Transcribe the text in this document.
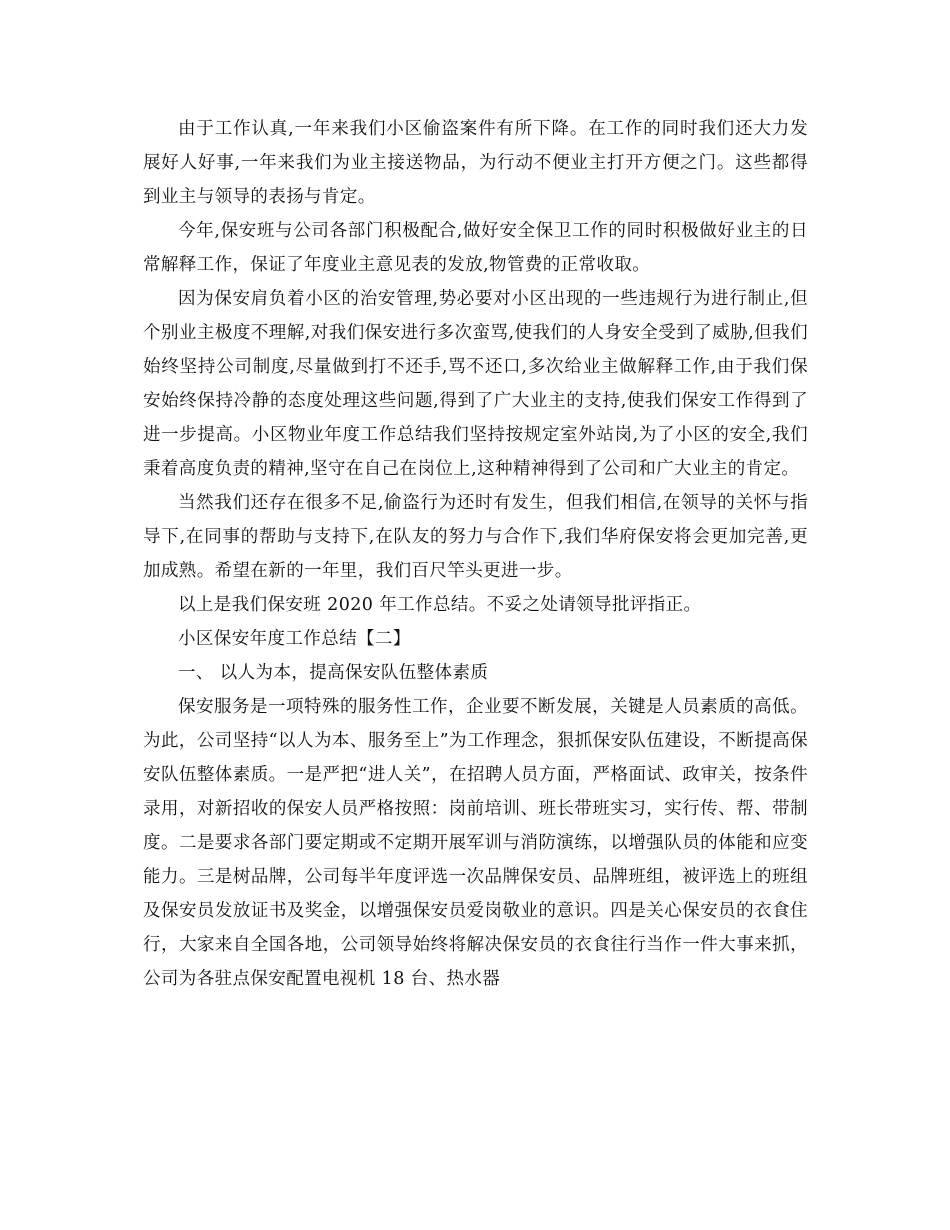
由于工作认真,一年来我们小区偷盗案件有所下降。在工作的同时我们还大力发展好人好事,一年来我们为业主接送物品，为行动不便业主打开方便之门。这些都得到业主与领导的表扬与肯定。

今年,保安班与公司各部门积极配合,做好安全保卫工作的同时积极做好业主的日常解释工作，保证了年度业主意见表的发放,物管费的正常收取。

因为保安肩负着小区的治安管理,势必要对小区出现的一些违规行为进行制止,但个别业主极度不理解,对我们保安进行多次蛮骂,使我们的人身安全受到了威胁,但我们始终坚持公司制度,尽量做到打不还手,骂不还口,多次给业主做解释工作,由于我们保安始终保持冷静的态度处理这些问题,得到了广大业主的支持,使我们保安工作得到了进一步提高。小区物业年度工作总结我们坚持按规定室外站岗,为了小区的安全,我们秉着高度负责的精神,坚守在自己在岗位上,这种精神得到了公司和广大业主的肯定。

当然我们还存在很多不足,偷盗行为还时有发生，但我们相信,在领导的关怀与指导下,在同事的帮助与支持下,在队友的努力与合作下,我们华府保安将会更加完善,更加成熟。希望在新的一年里，我们百尺竿头更进一步。

以上是我们保安班 2020 年工作总结。不妥之处请领导批评指正。

小区保安年度工作总结【二】

一、 以人为本，提高保安队伍整体素质

保安服务是一项特殊的服务性工作，企业要不断发展，关键是人员素质的高低。为此，公司坚持“以人为本、服务至上”为工作理念，狠抓保安队伍建设，不断提高保安队伍整体素质。一是严把“进人关”，在招聘人员方面，严格面试、政审关，按条件录用，对新招收的保安人员严格按照：岗前培训、班长带班实习，实行传、帮、带制度。二是要求各部门要定期或不定期开展军训与消防演练，以增强队员的体能和应变能力。三是树品牌，公司每半年度评选一次品牌保安员、品牌班组，被评选上的班组及保安员发放证书及奖金，以增强保安员爱岗敬业的意识。四是关心保安员的衣食住行，大家来自全国各地，公司领导始终将解决保安员的衣食往行当作一件大事来抓，公司为各驻点保安配置电视机 18 台、热水器
